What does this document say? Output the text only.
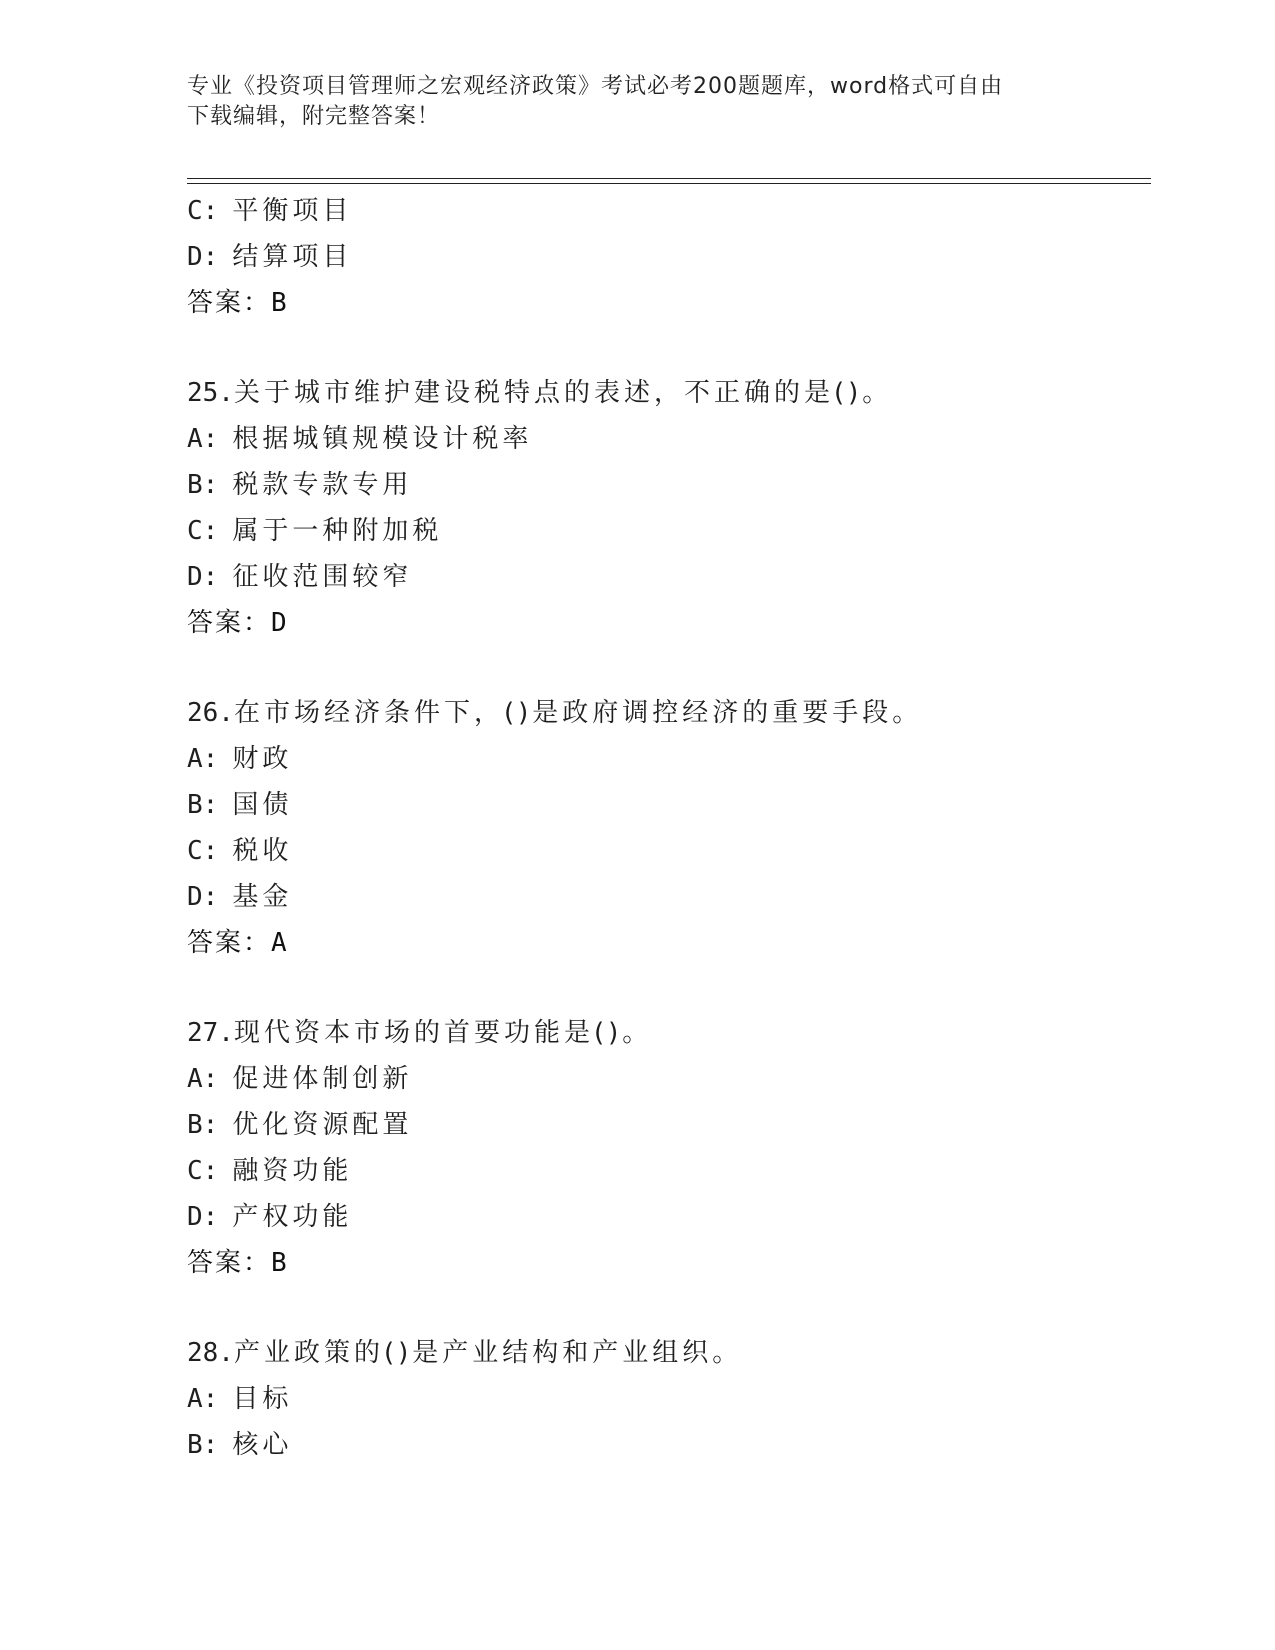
专业《投资项目管理师之宏观经济政策》考试必考200题题库，word格式可自由
下载编辑，附完整答案！
C: 平衡项目
D: 结算项目
答案：B
25.关于城市维护建设税特点的表述，不正确的是()。
A: 根据城镇规模设计税率
B: 税款专款专用
C: 属于一种附加税
D: 征收范围较窄
答案：D
26.在市场经济条件下，()是政府调控经济的重要手段。
A: 财政
B: 国债
C: 税收
D: 基金
答案：A
27.现代资本市场的首要功能是()。
A: 促进体制创新
B: 优化资源配置
C: 融资功能
D: 产权功能
答案：B
28.产业政策的()是产业结构和产业组织。
A: 目标
B: 核心
